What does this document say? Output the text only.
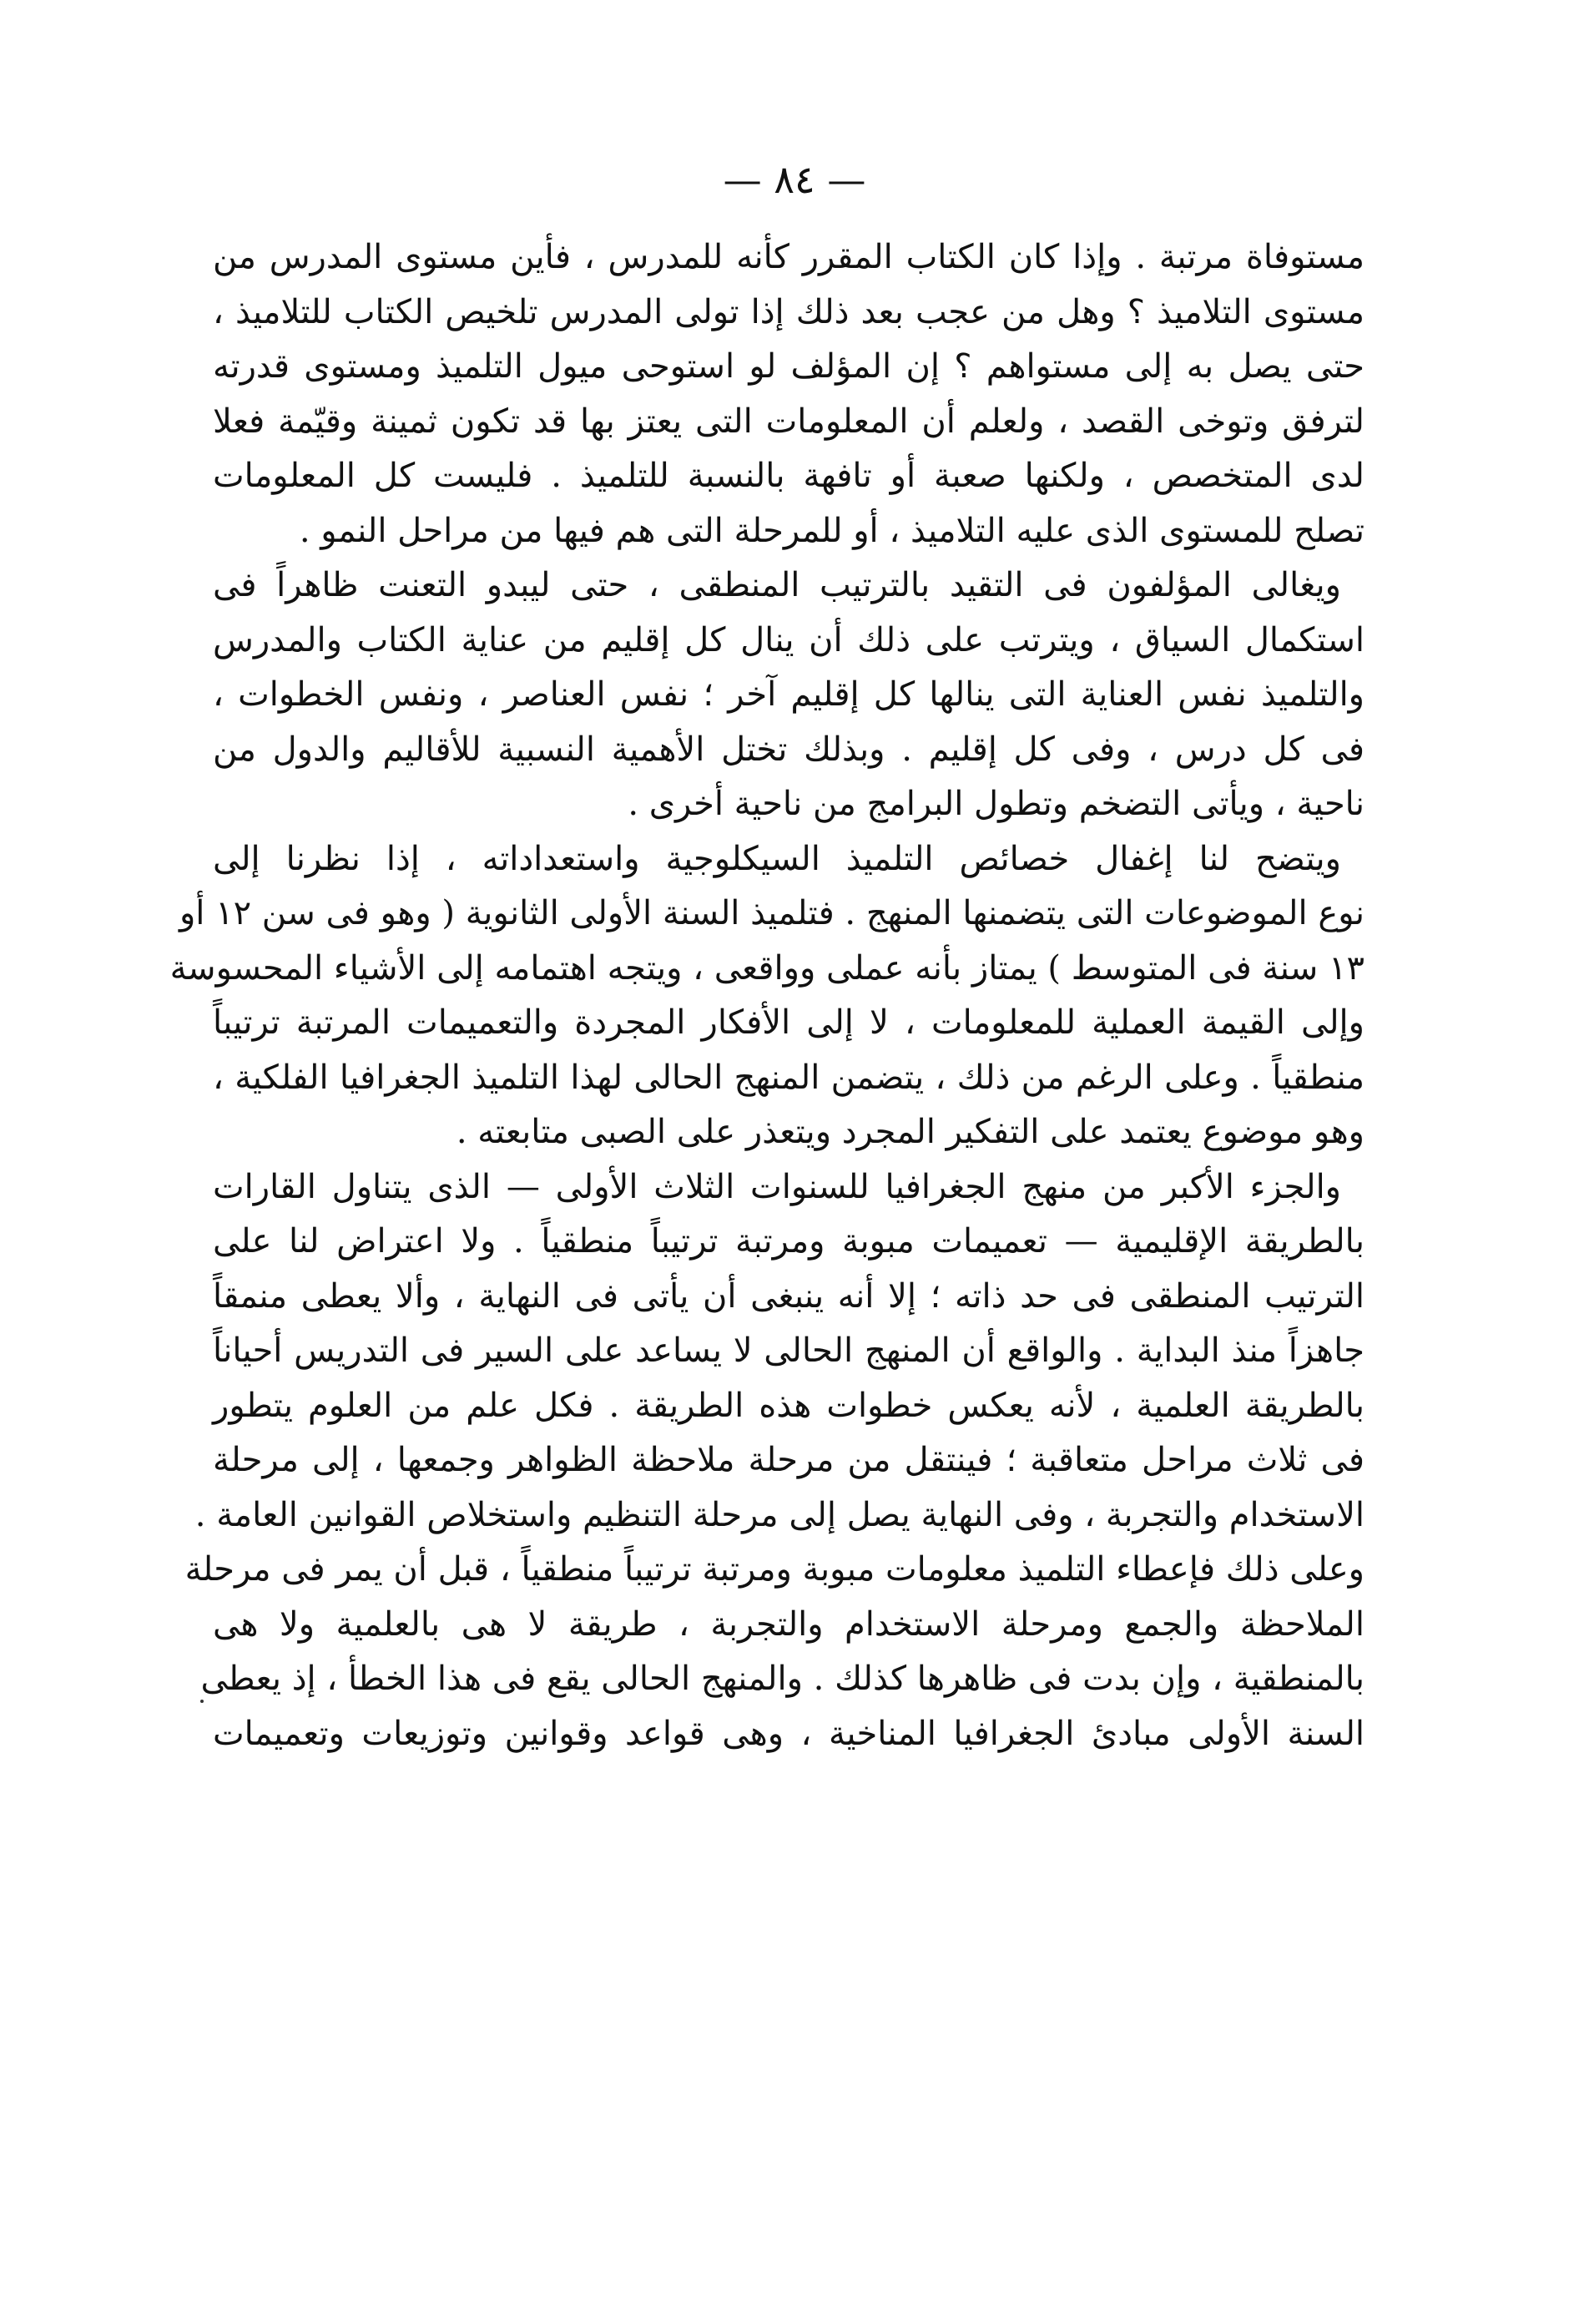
— ٨٤ —
مستوفاة مرتبة . وإذا كان الكتاب المقرر كأنه للمدرس ، فأين مستوى المدرس من
مستوى التلاميذ ؟ وهل من عجب بعد ذلك إذا تولى المدرس تلخيص الكتاب للتلاميذ ،
حتى يصل به إلى مستواهم ؟ إن المؤلف لو استوحى ميول التلميذ ومستوى قدرته
لترفق وتوخى القصد ، ولعلم أن المعلومات التى يعتز بها قد تكون ثمينة وقيّمة فعلا
لدى المتخصص ، ولكنها صعبة أو تافهة بالنسبة للتلميذ . فليست كل المعلومات
تصلح للمستوى الذى عليه التلاميذ ، أو للمرحلة التى هم فيها من مراحل النمو .
ويغالى المؤلفون فى التقيد بالترتيب المنطقى ، حتى ليبدو التعنت ظاهراً فى
استكمال السياق ، ويترتب على ذلك أن ينال كل إقليم من عناية الكتاب والمدرس
والتلميذ نفس العناية التى ينالها كل إقليم آخر ؛ نفس العناصر ، ونفس الخطوات ،
فى كل درس ، وفى كل إقليم . وبذلك تختل الأهمية النسبية للأقاليم والدول من
ناحية ، ويأتى التضخم وتطول البرامج من ناحية أخرى .
ويتضح لنا إغفال خصائص التلميذ السيكلوجية واستعداداته ، إذا نظرنا إلى
نوع الموضوعات التى يتضمنها المنهج . فتلميذ السنة الأولى الثانوية ( وهو فى سن ١٢ أو
١٣ سنة فى المتوسط ) يمتاز بأنه عملى وواقعى ، ويتجه اهتمامه إلى الأشياء المحسوسة
وإلى القيمة العملية للمعلومات ، لا إلى الأفكار المجردة والتعميمات المرتبة ترتيباً
منطقياً . وعلى الرغم من ذلك ، يتضمن المنهج الحالى لهذا التلميذ الجغرافيا الفلكية ،
وهو موضوع يعتمد على التفكير المجرد ويتعذر على الصبى متابعته .
والجزء الأكبر من منهج الجغرافيا للسنوات الثلاث الأولى — الذى يتناول القارات
بالطريقة الإقليمية — تعميمات مبوبة ومرتبة ترتيباً منطقياً . ولا اعتراض لنا على
الترتيب المنطقى فى حد ذاته ؛ إلا أنه ينبغى أن يأتى فى النهاية ، وألا يعطى منمقاً
جاهزاً منذ البداية . والواقع أن المنهج الحالى لا يساعد على السير فى التدريس أحياناً
بالطريقة العلمية ، لأنه يعكس خطوات هذه الطريقة . فكل علم من العلوم يتطور
فى ثلاث مراحل متعاقبة ؛ فينتقل من مرحلة ملاحظة الظواهر وجمعها ، إلى مرحلة
الاستخدام والتجربة ، وفى النهاية يصل إلى مرحلة التنظيم واستخلاص القوانين العامة .
وعلى ذلك فإعطاء التلميذ معلومات مبوبة ومرتبة ترتيباً منطقياً ، قبل أن يمر فى مرحلة
الملاحظة والجمع ومرحلة الاستخدام والتجربة ، طريقة لا هى بالعلمية ولا هى
بالمنطقية ، وإن بدت فى ظاهرها كذلك . والمنهج الحالى يقع فى هذا الخطأ ، إذ يعطى
السنة الأولى مبادئ الجغرافيا المناخية ، وهى قواعد وقوانين وتوزيعات وتعميمات
